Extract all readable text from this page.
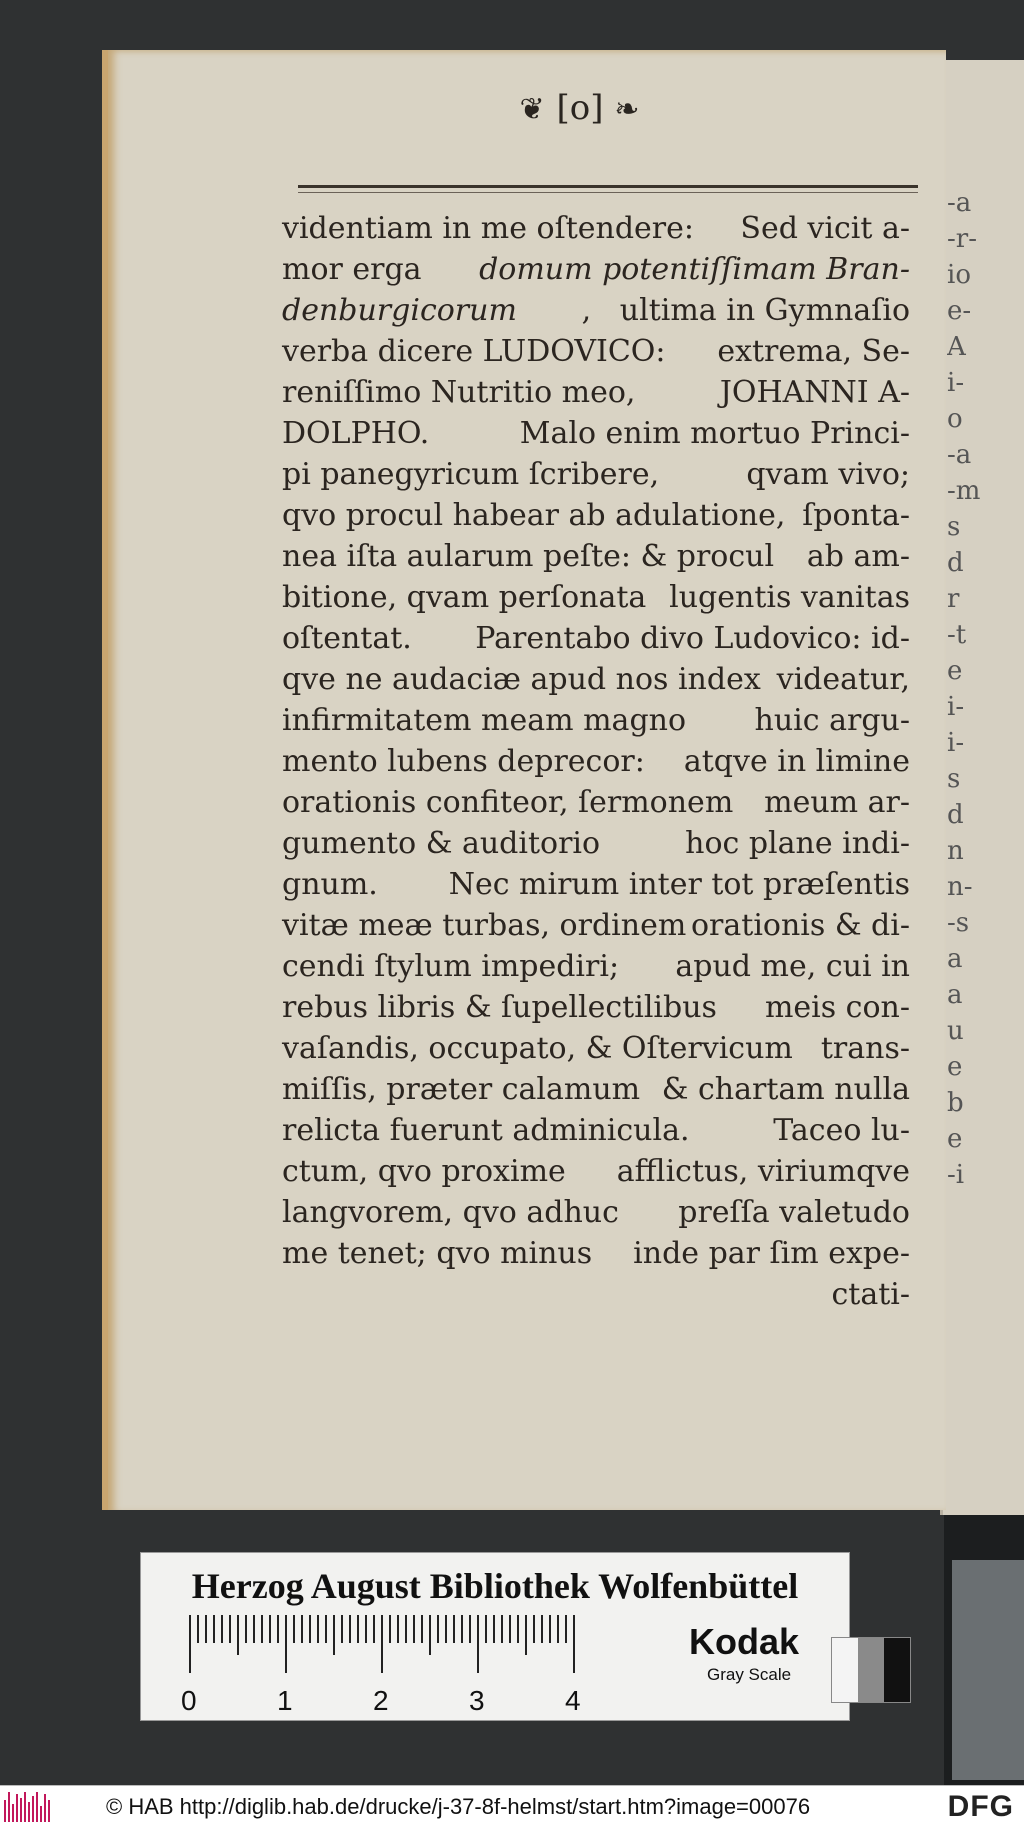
-a
-r-
io
e-
A
i-
o
-a
-m
s
d
r
-t
e
i-
i-
s
d
n
n-
-s
a
a
u
e
b
e
-i
❦ [o] ❧
videntiam in me oſtendere: Sed vicit a-
mor erga domum potentiſſimam Bran-
denburgicorum ,   ultima in Gymnaſio
verba dicere LUDOVICO: extrema, Se-
reniſſimo Nutritio meo,	JOHANNI A-
DOLPHO.	Malo enim mortuo Princi-
pi panegyricum ſcribere,	qvam vivo;
qvo procul habear ab adulatione, ſponta-
nea iſta aularum peſte: & procul ab am-
bitione, qvam perſonata lugentis vanitas
oſtentat. Parentabo divo Ludovico: id-
qve ne audaciæ apud nos index videatur,
infirmitatem meam magno huic argu-
mento lubens deprecor: atqve in limine
orationis confiteor, ſermonem meum ar-
gumento & auditorio	hoc plane indi-
gnum. Nec mirum inter tot præſentis
vitæ meæ turbas, ordinem orationis & di-
cendi ſtylum impediri; apud me, cui in
rebus libris & ſupellectilibus meis con-
vaſandis, occupato, & Oſtervicum trans-
miſſis, præter calamum & chartam nulla
relicta fuerunt adminicula.	Taceo lu-
ctum, qvo proxime afflictus, viriumqve
langvorem, qvo adhuc preſſa valetudo
me tenet; qvo minus inde par ſim expe-
ctati-
Herzog August Bibliothek Wolfenbüttel
0	1	2	3	4
Kodak
Gray Scale
© HAB http://diglib.hab.de/drucke/j-37-8f-helmst/start.htm?image=00076	DFG
